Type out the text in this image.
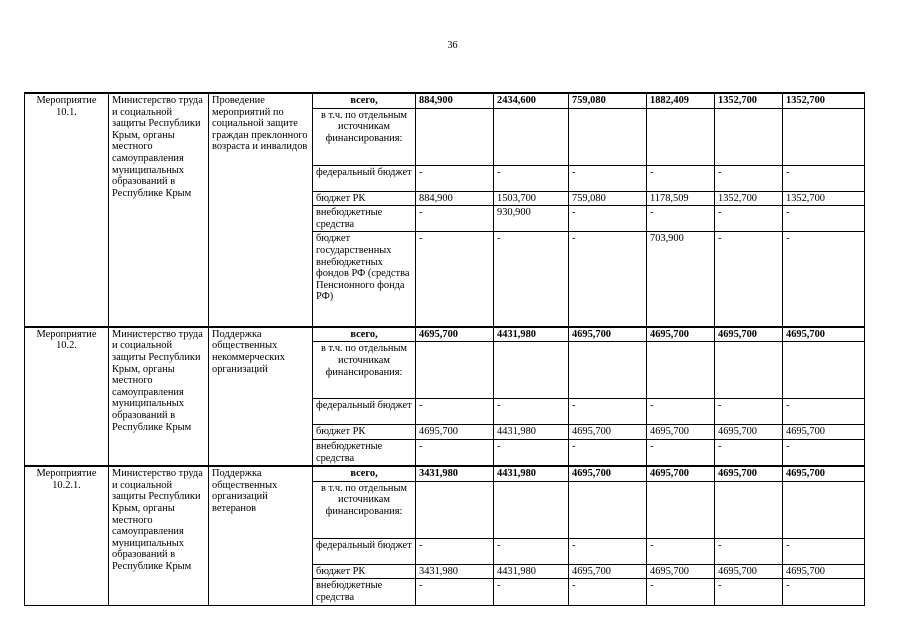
36
Мероприятие 10.1.	Министерство труда и социальной защиты Республики Крым, органы местного самоуправления муниципальных образований в Республике Крым	Проведение мероприятий по социальной защите граждан преклонного возраста и инвалидов	всего,	884,900	2434,600	759,080	1882,409	1352,700	1352,700
			в т.ч. по отдельным источникам финансирования:						
			федеральный бюджет	-	-	-	-	-	-
			бюджет РК	884,900	1503,700	759,080	1178,509	1352,700	1352,700
			внебюджетные средства	-	930,900	-	-	-	-
			бюджет государственных внебюджетных фондов РФ (средства Пенсионного фонда РФ)	-	-	-	703,900	-	-
Мероприятие 10.2.	Министерство труда и социальной защиты Республики Крым, органы местного самоуправления муниципальных образований в Республике Крым	Поддержка общественных некоммерческих организаций	всего,	4695,700	4431,980	4695,700	4695,700	4695,700	4695,700
			в т.ч. по отдельным источникам финансирования:						
			федеральный бюджет	-	-	-	-	-	-
			бюджет РК	4695,700	4431,980	4695,700	4695,700	4695,700	4695,700
			внебюджетные средства	-	-	-	-	-	-
Мероприятие 10.2.1.	Министерство труда и социальной защиты Республики Крым, органы местного самоуправления муниципальных образований в Республике Крым	Поддержка общественных организаций ветеранов	всего,	3431,980	4431,980	4695,700	4695,700	4695,700	4695,700
			в т.ч. по отдельным источникам финансирования:						
			федеральный бюджет	-	-	-	-	-	-
			бюджет РК	3431,980	4431,980	4695,700	4695,700	4695,700	4695,700
			внебюджетные средства	-	-	-	-	-	-
